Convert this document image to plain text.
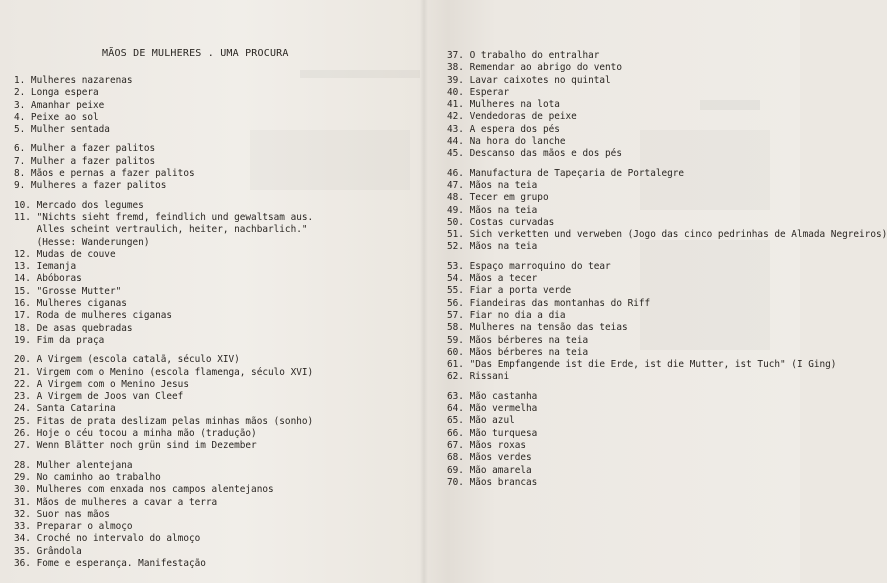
MÃOS DE MULHERES . UMA PROCURA
1. Mulheres nazarenas
2. Longa espera
3. Amanhar peixe
4. Peixe ao sol
5. Mulher sentada
6. Mulher a fazer palitos
7. Mulher a fazer palitos
8. Mãos e pernas a fazer palitos
9. Mulheres a fazer palitos
10. Mercado dos legumes
11. "Nichts sieht fremd, feindlich und gewaltsam aus.
Alles scheint vertraulich, heiter, nachbarlich."
(Hesse: Wanderungen)
12. Mudas de couve
13. Iemanja
14. Abóboras
15. "Grosse Mutter"
16. Mulheres ciganas
17. Roda de mulheres ciganas
18. De asas quebradas
19. Fim da praça
20. A Virgem (escola catalã, século XIV)
21. Virgem com o Menino (escola flamenga, século XVI)
22. A Virgem com o Menino Jesus
23. A Virgem de Joos van Cleef
24. Santa Catarina
25. Fitas de prata deslizam pelas minhas mãos (sonho)
26. Hoje o céu tocou a minha mão (tradução)
27. Wenn Blätter noch grün sind im Dezember
28. Mulher alentejana
29. No caminho ao trabalho
30. Mulheres com enxada nos campos alentejanos
31. Mãos de mulheres a cavar a terra
32. Suor nas mãos
33. Preparar o almoço
34. Croché no intervalo do almoço
35. Grândola
36. Fome e esperança. Manifestação
37. O trabalho do entralhar
38. Remendar ao abrigo do vento
39. Lavar caixotes no quintal
40. Esperar
41. Mulheres na lota
42. Vendedoras de peixe
43. A espera dos pés
44. Na hora do lanche
45. Descanso das mãos e dos pés
46. Manufactura de Tapeçaria de Portalegre
47. Mãos na teia
48. Tecer em grupo
49. Mãos na teia
50. Costas curvadas
51. Sich verketten und verweben (Jogo das cinco pedrinhas de Almada Negreiros)
52. Mãos na teia
53. Espaço marroquino do tear
54. Mãos a tecer
55. Fiar a porta verde
56. Fiandeiras das montanhas do Riff
57. Fiar no dia a dia
58. Mulheres na tensão das teias
59. Mãos bérberes na teia
60. Mãos bérberes na teia
61. "Das Empfangende ist die Erde, ist die Mutter, ist Tuch" (I Ging)
62. Rissani
63. Mão castanha
64. Mão vermelha
65. Mão azul
66. Mão turquesa
67. Mãos roxas
68. Mãos verdes
69. Mão amarela
70. Mãos brancas
